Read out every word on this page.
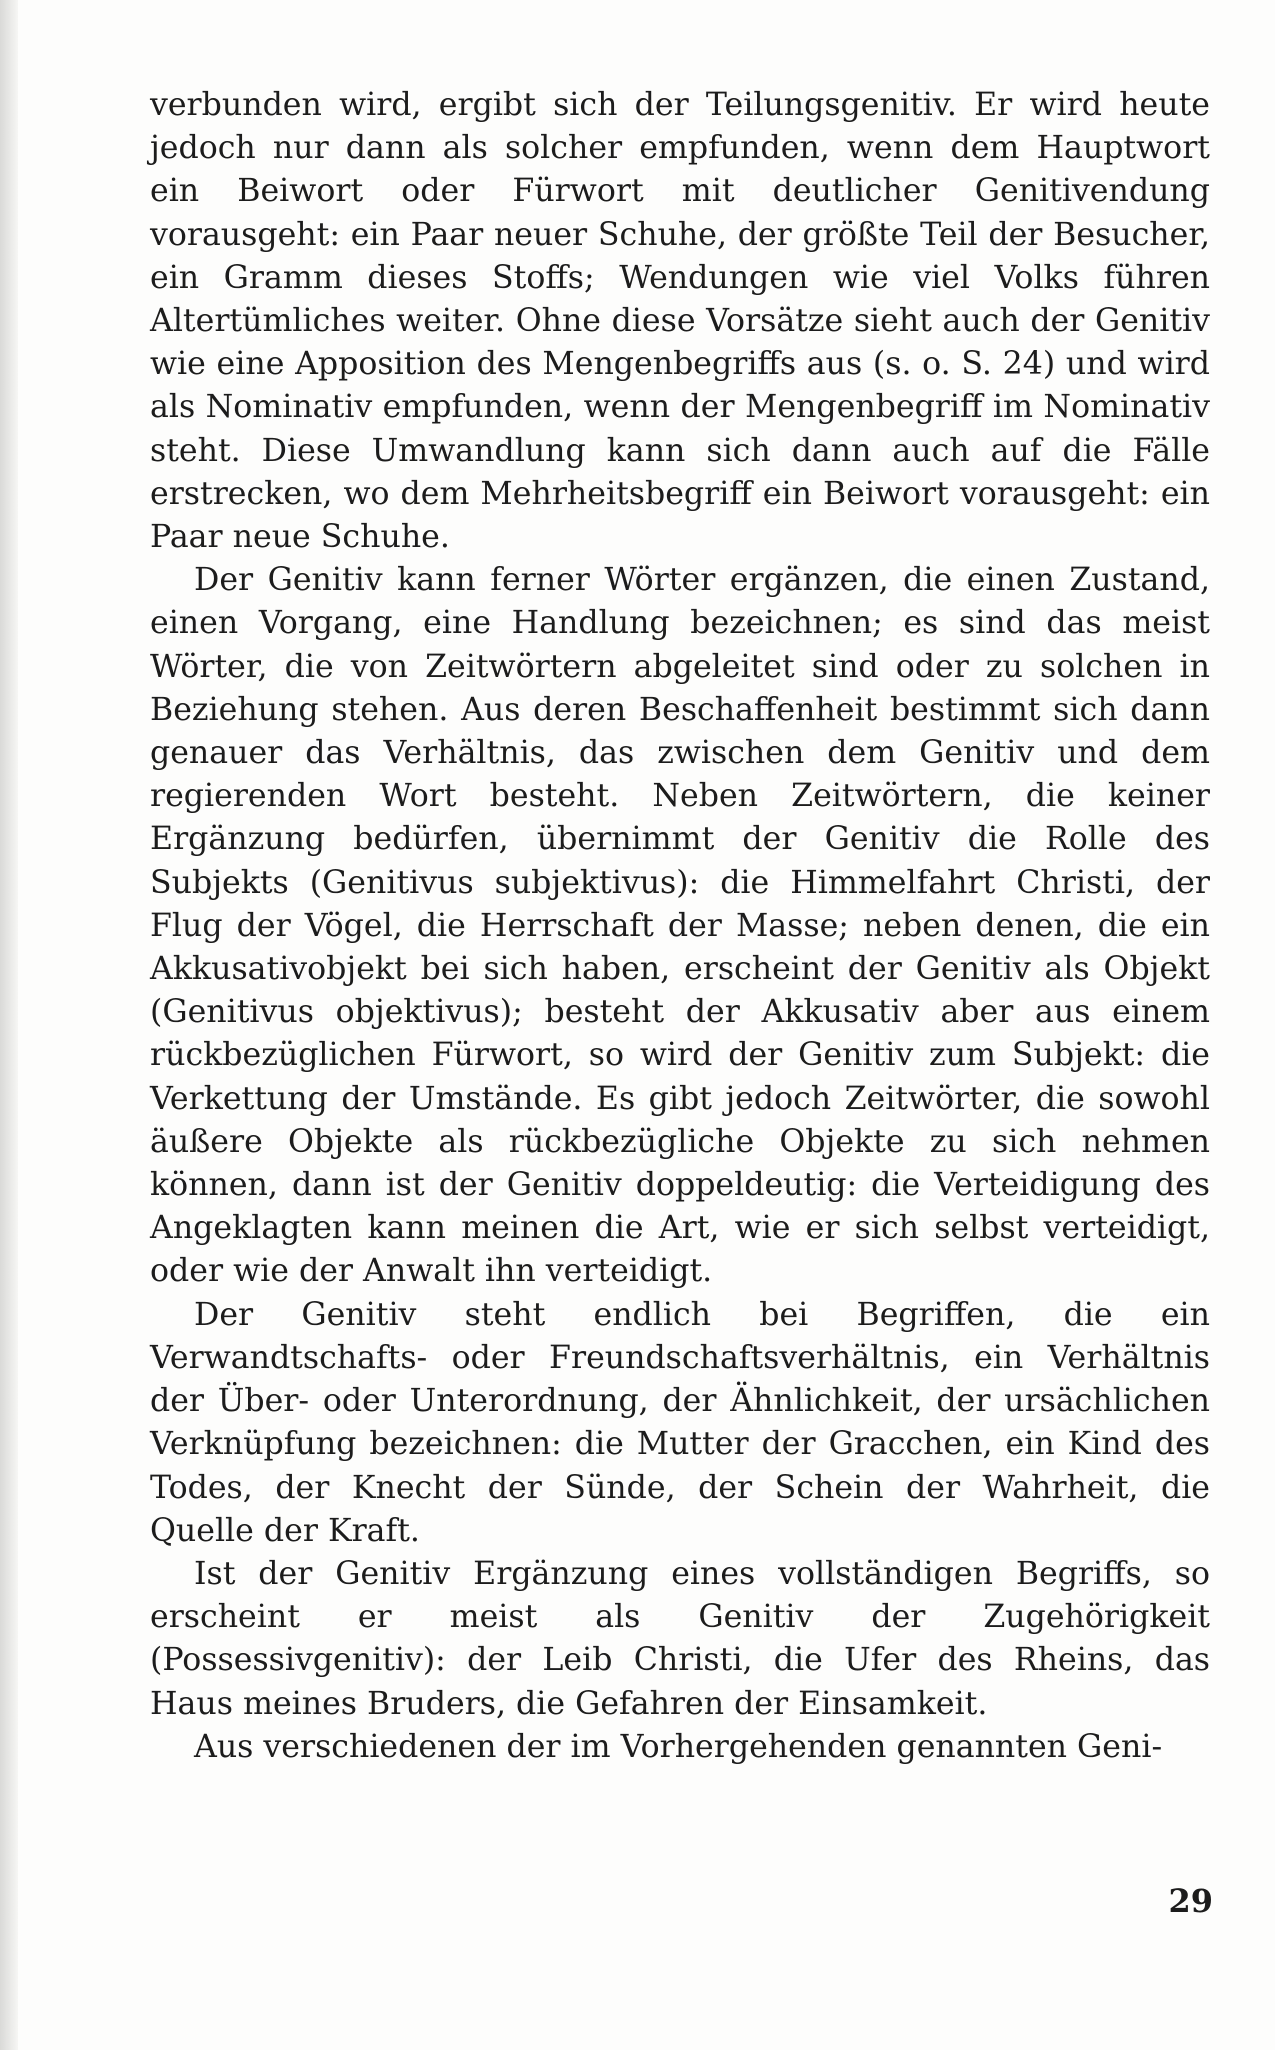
verbunden wird, ergibt sich der Teilungsgenitiv. Er wird heute jedoch nur dann als solcher empfunden, wenn dem Hauptwort ein Beiwort oder Fürwort mit deutlicher Genitivendung vorausgeht: ein Paar neuer Schuhe, der größte Teil der Besucher, ein Gramm dieses Stoffs; Wendungen wie viel Volks führen Altertümliches weiter. Ohne diese Vorsätze sieht auch der Genitiv wie eine Apposition des Mengenbegriffs aus (s. o. S. 24) und wird als Nominativ empfunden, wenn der Mengenbegriff im Nominativ steht. Diese Umwandlung kann sich dann auch auf die Fälle erstrecken, wo dem Mehrheitsbegriff ein Beiwort vorausgeht: ein Paar neue Schuhe.

Der Genitiv kann ferner Wörter ergänzen, die einen Zustand, einen Vorgang, eine Handlung bezeichnen; es sind das meist Wörter, die von Zeitwörtern abgeleitet sind oder zu solchen in Beziehung stehen. Aus deren Beschaffenheit bestimmt sich dann genauer das Verhältnis, das zwischen dem Genitiv und dem regierenden Wort besteht. Neben Zeitwörtern, die keiner Ergänzung bedürfen, übernimmt der Genitiv die Rolle des Subjekts (Genitivus subjektivus): die Himmelfahrt Christi, der Flug der Vögel, die Herrschaft der Masse; neben denen, die ein Akkusativobjekt bei sich haben, erscheint der Genitiv als Objekt (Genitivus objektivus); besteht der Akkusativ aber aus einem rückbezüglichen Fürwort, so wird der Genitiv zum Subjekt: die Verkettung der Umstände. Es gibt jedoch Zeitwörter, die sowohl äußere Objekte als rückbezügliche Objekte zu sich nehmen können, dann ist der Genitiv doppeldeutig: die Verteidigung des Angeklagten kann meinen die Art, wie er sich selbst verteidigt, oder wie der Anwalt ihn verteidigt.

Der Genitiv steht endlich bei Begriffen, die ein Verwandtschafts- oder Freundschaftsverhältnis, ein Verhältnis der Über- oder Unterordnung, der Ähnlichkeit, der ursächlichen Verknüpfung bezeichnen: die Mutter der Gracchen, ein Kind des Todes, der Knecht der Sünde, der Schein der Wahrheit, die Quelle der Kraft.

Ist der Genitiv Ergänzung eines vollständigen Begriffs, so erscheint er meist als Genitiv der Zugehörigkeit (Possessivgenitiv): der Leib Christi, die Ufer des Rheins, das Haus meines Bruders, die Gefahren der Einsamkeit.

Aus verschiedenen der im Vorhergehenden genannten Geni-

29
